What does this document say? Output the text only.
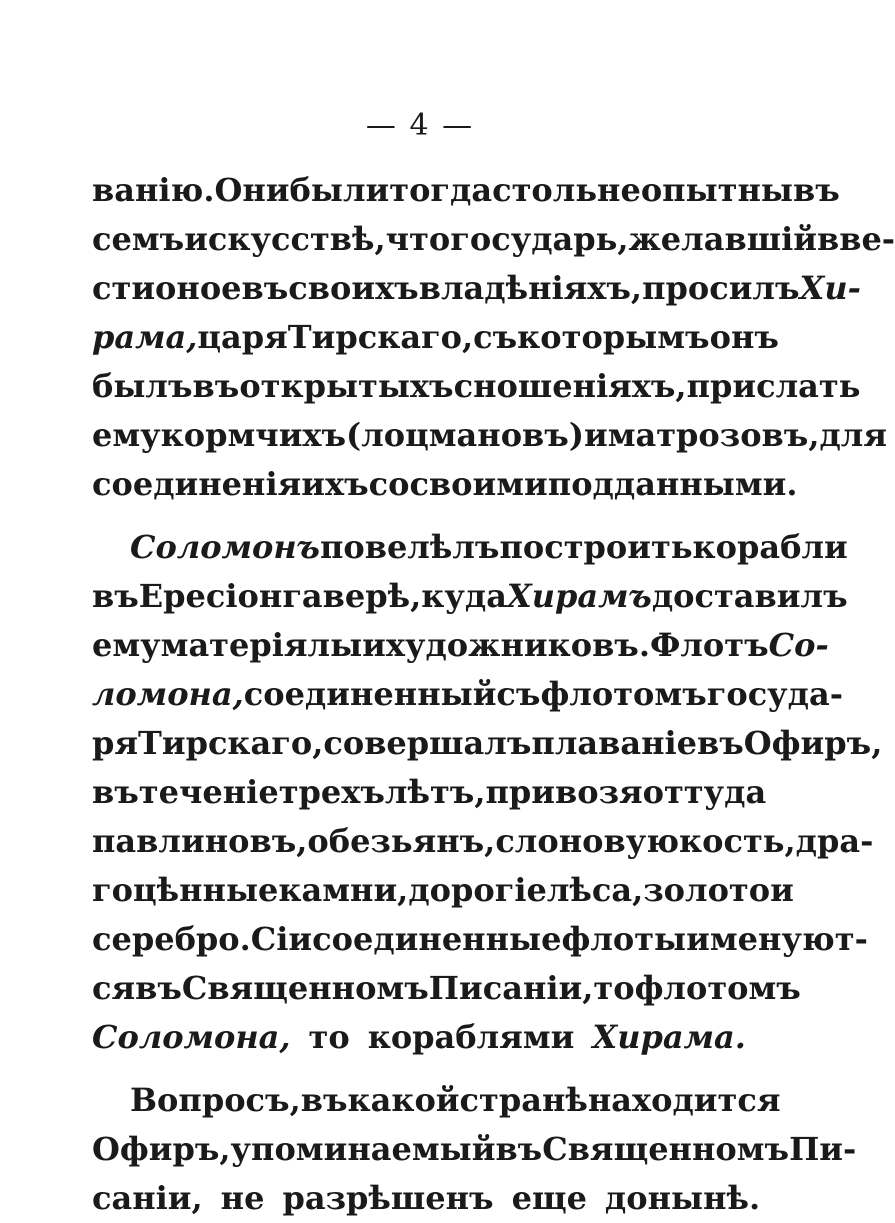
— 4 —
ванію. Они были тогда столь неопытны въ
семъ искусствѣ, что государь, желавшій вве-
сти оное въ своихъ владѣніяхъ, просилъ Хи-
рама, царя Тирскаго, съ которымъ онъ
былъ въ открытыхъ сношеніяхъ, прислать
ему кормчихъ (лоцмановъ) и матрозовъ, для
соединенія ихъ со своими подданными.
Соломонъ повелѣлъ построить корабли
въ Ересіонгаверѣ, куда Хирамъ доставилъ
ему матеріялы и художниковъ. Флотъ Со-
ломона, соединенный съ флотомъ госуда-
ря Тирскаго, совершалъ плаваніе въ Офиръ,
въ теченіе трехъ лѣтъ, привозя оттуда
павлиновъ, обезьянъ, слоновую кость, дра-
гоцѣнные камни, дорогіе лѣса, золото и
серебро. Сіи соединенные флоты именуют-
ся въ Священномъ Писаніи, то флотомъ
Соломона, то кораблями Хирама.
Вопросъ, въ какой странѣ находится
Офиръ, упоминаемый въ Священномъ Пи-
саніи, не разрѣшенъ еще донынѣ.
